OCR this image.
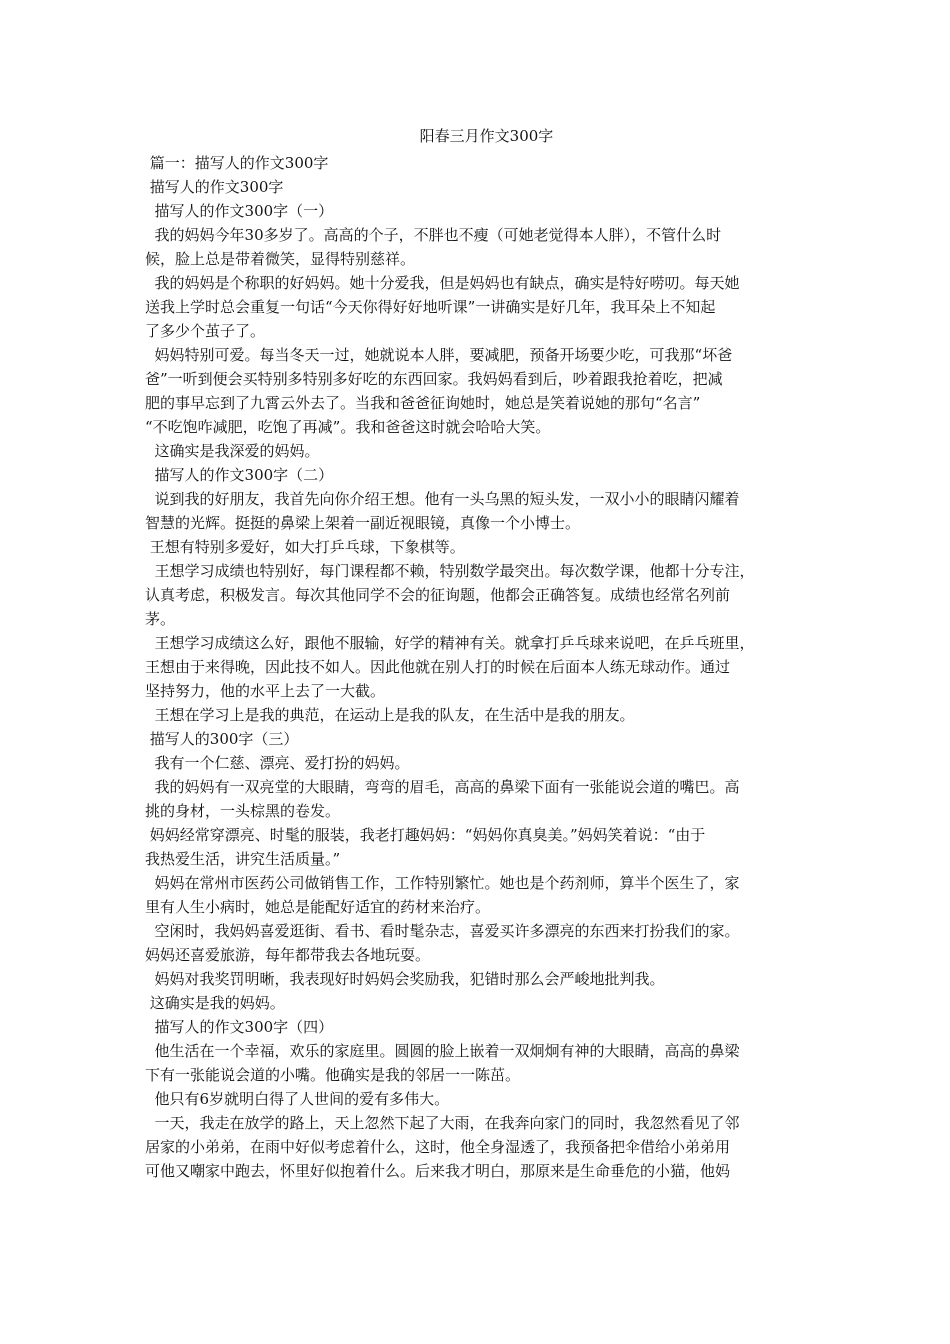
阳春三月作文300字
篇一：描写人的作文300字
描写人的作文300字
描写人的作文300字（一）
我的妈妈今年30多岁了。高高的个子，不胖也不瘦（可她老觉得本人胖），不管什么时
候，脸上总是带着微笑，显得特别慈祥。
我的妈妈是个称职的好妈妈。她十分爱我，但是妈妈也有缺点，确实是特好唠叨。每天她
送我上学时总会重复一句话“今天你得好好地听课”一讲确实是好几年，我耳朵上不知起
了多少个茧子了。
妈妈特别可爱。每当冬天一过，她就说本人胖，要减肥，预备开场要少吃，可我那“坏爸
爸”一听到便会买特别多特别多好吃的东西回家。我妈妈看到后，吵着跟我抢着吃，把减
肥的事早忘到了九霄云外去了。当我和爸爸征询她时，她总是笑着说她的那句“名言”
“不吃饱咋减肥，吃饱了再减”。我和爸爸这时就会哈哈大笑。
这确实是我深爱的妈妈。
描写人的作文300字（二）
说到我的好朋友，我首先向你介绍王想。他有一头乌黑的短头发，一双小小的眼睛闪耀着
智慧的光辉。挺挺的鼻梁上架着一副近视眼镜，真像一个小博士。
王想有特别多爱好，如大打乒乓球，下象棋等。
王想学习成绩也特别好，每门课程都不赖，特别数学最突出。每次数学课，他都十分专注，
认真考虑，积极发言。每次其他同学不会的征询题，他都会正确答复。成绩也经常名列前
茅。
王想学习成绩这么好，跟他不服输，好学的精神有关。就拿打乒乓球来说吧，在乒乓班里，
王想由于来得晚，因此技不如人。因此他就在别人打的时候在后面本人练无球动作。通过
坚持努力，他的水平上去了一大截。
王想在学习上是我的典范，在运动上是我的队友，在生活中是我的朋友。
描写人的300字（三）
我有一个仁慈、漂亮、爱打扮的妈妈。
我的妈妈有一双亮堂的大眼睛，弯弯的眉毛，高高的鼻梁下面有一张能说会道的嘴巴。高
挑的身材，一头棕黑的卷发。
妈妈经常穿漂亮、时髦的服装，我老打趣妈妈：“妈妈你真臭美。”妈妈笑着说：“由于
我热爱生活，讲究生活质量。”
妈妈在常州市医药公司做销售工作，工作特别繁忙。她也是个药剂师，算半个医生了，家
里有人生小病时，她总是能配好适宜的药材来治疗。
空闲时，我妈妈喜爱逛街、看书、看时髦杂志，喜爱买许多漂亮的东西来打扮我们的家。
妈妈还喜爱旅游，每年都带我去各地玩耍。
妈妈对我奖罚明晰，我表现好时妈妈会奖励我，犯错时那么会严峻地批判我。
这确实是我的妈妈。
描写人的作文300字（四）
他生活在一个幸福，欢乐的家庭里。圆圆的脸上嵌着一双炯炯有神的大眼睛，高高的鼻梁
下有一张能说会道的小嘴。他确实是我的邻居一一陈茁。
他只有6岁就明白得了人世间的爱有多伟大。
一天，我走在放学的路上，天上忽然下起了大雨，在我奔向家门的同时，我忽然看见了邻
居家的小弟弟，在雨中好似考虑着什么，这时，他全身湿透了，我预备把伞借给小弟弟用
可他又嘲家中跑去，怀里好似抱着什么。后来我才明白，那原来是生命垂危的小猫，他妈
